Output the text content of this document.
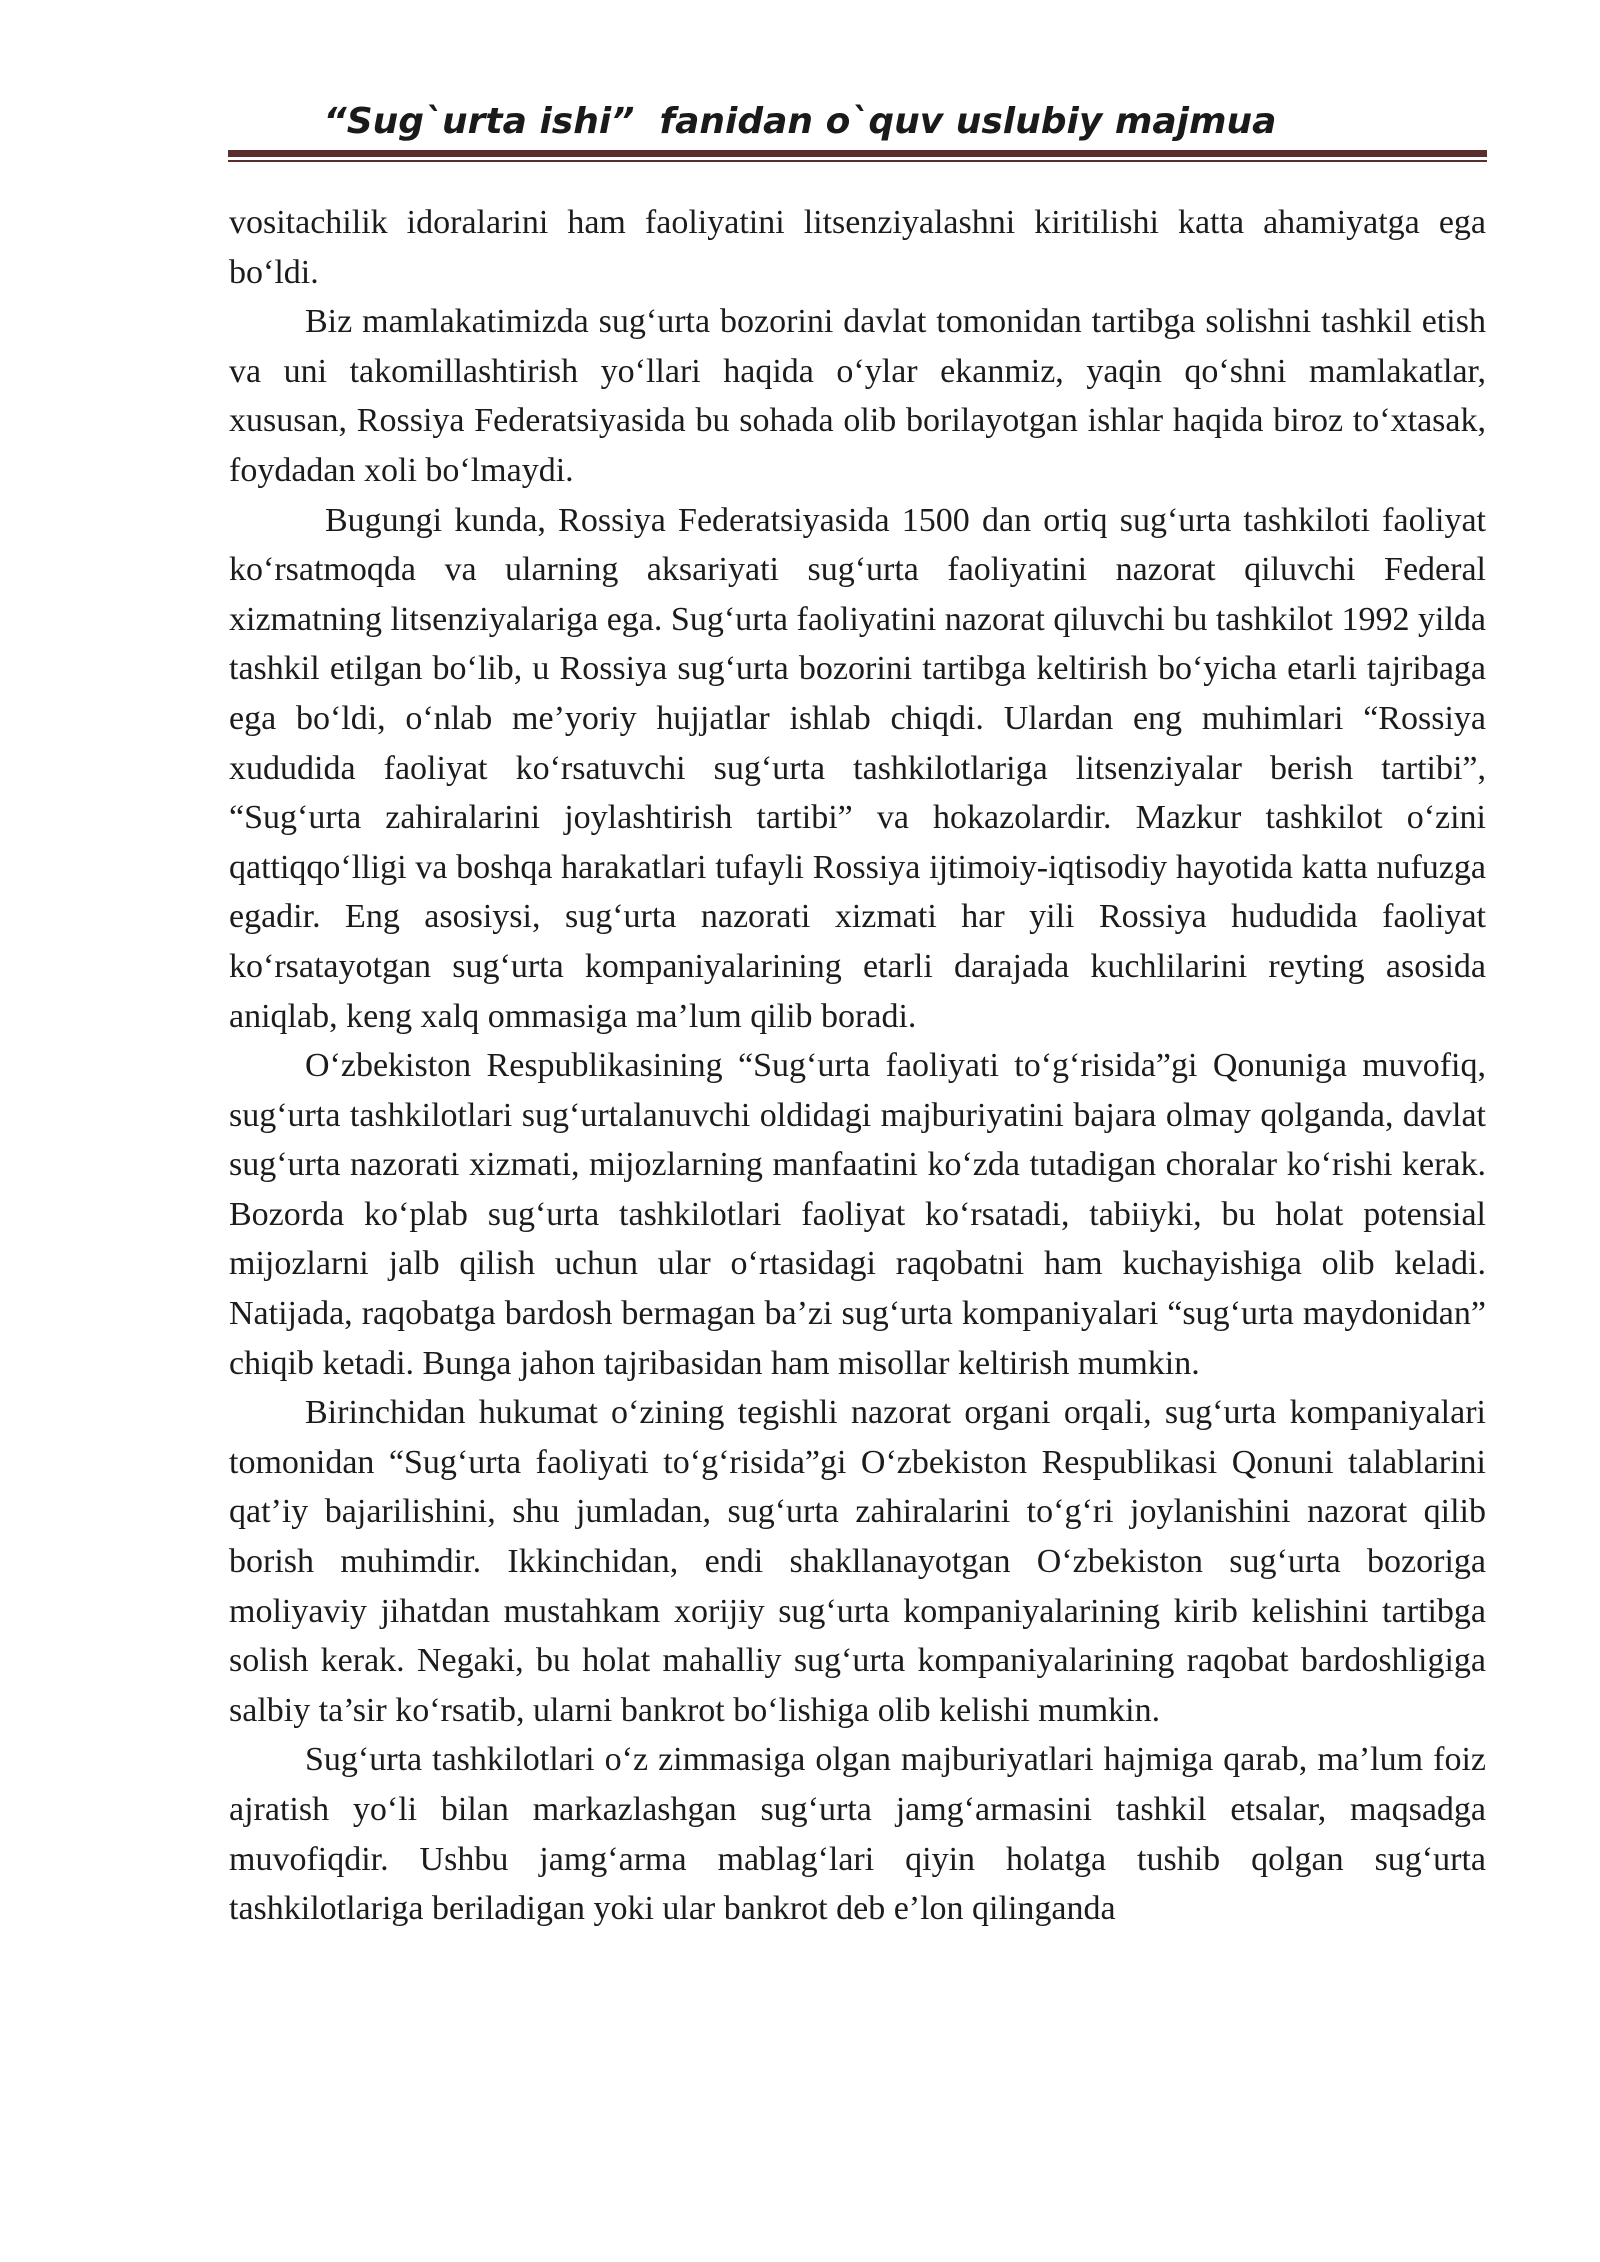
“Sug`urta ishi”  fanidan o`quv uslubiy majmua

vositachilik idoralarini ham faoliyatini litsenziyalashni kiritilishi katta ahamiyatga ega boʻldi.

Biz mamlakatimizda sugʻurta bozorini davlat tomonidan tartibga solishni tashkil etish va uni takomillashtirish yoʻllari haqida oʻylar ekanmiz, yaqin qoʻshni mamlakatlar, xususan, Rossiya Federatsiyasida bu sohada olib borilayotgan ishlar haqida biroz toʻxtasak, foydadan xoli boʻlmaydi.

Bugungi kunda, Rossiya Federatsiyasida 1500 dan ortiq sugʻurta tashkiloti faoliyat koʻrsatmoqda va ularning aksariyati sugʻurta faoliyatini nazorat qiluvchi Federal xizmatning litsenziyalariga ega. Sugʻurta faoliyatini nazorat qiluvchi bu tashkilot 1992 yilda tashkil etilgan boʻlib, u Rossiya sugʻurta bozorini tartibga keltirish boʻyicha etarli tajribaga ega boʻldi, oʻnlab me’yoriy hujjatlar ishlab chiqdi. Ulardan eng muhimlari “Rossiya xududida faoliyat koʻrsatuvchi sugʻurta tashkilotlariga litsenziyalar berish tartibi”, “Sugʻurta zahiralarini joylashtirish tartibi” va hokazolardir. Mazkur tashkilot oʻzini qattiqqoʻlligi va boshqa harakatlari tufayli Rossiya ijtimoiy-iqtisodiy hayotida katta nufuzga egadir. Eng asosiysi, sugʻurta nazorati xizmati har yili Rossiya hududida faoliyat koʻrsatayotgan sugʻurta kompaniyalarining etarli darajada kuchlilarini reyting asosida aniqlab, keng xalq ommasiga ma’lum qilib boradi.

Oʻzbekiston Respublikasining “Sugʻurta faoliyati toʻgʻrisida”gi Qonuniga muvofiq, sugʻurta tashkilotlari sugʻurtalanuvchi oldidagi majburiyatini bajara olmay qolganda, davlat sugʻurta nazorati xizmati, mijozlarning manfaatini koʻzda tutadigan choralar koʻrishi kerak. Bozorda koʻplab sugʻurta tashkilotlari faoliyat koʻrsatadi, tabiiyki, bu holat potensial mijozlarni jalb qilish uchun ular oʻrtasidagi raqobatni ham kuchayishiga olib keladi. Natijada, raqobatga bardosh bermagan ba’zi sugʻurta kompaniyalari “sugʻurta maydonidan” chiqib ketadi. Bunga jahon tajribasidan ham misollar keltirish mumkin.

Birinchidan hukumat oʻzining tegishli nazorat organi orqali, sugʻurta kompaniyalari tomonidan “Sugʻurta faoliyati toʻgʻrisida”gi Oʻzbekiston Respublikasi Qonuni talablarini qat’iy bajarilishini, shu jumladan, sugʻurta zahiralarini toʻgʻri joylanishini nazorat qilib borish muhimdir. Ikkinchidan, endi shakllanayotgan Oʻzbekiston sugʻurta bozoriga moliyaviy jihatdan mustahkam xorijiy sugʻurta kompaniyalarining kirib kelishini tartibga solish kerak. Negaki, bu holat mahalliy sugʻurta kompaniyalarining raqobat bardoshligiga salbiy ta’sir koʻrsatib, ularni bankrot boʻlishiga olib kelishi mumkin.

Sugʻurta tashkilotlari oʻz zimmasiga olgan majburiyatlari hajmiga qarab, ma’lum foiz ajratish yoʻli bilan markazlashgan sugʻurta jamgʻarmasini tashkil etsalar, maqsadga muvofiqdir. Ushbu jamgʻarma mablagʻlari qiyin holatga tushib qolgan sugʻurta tashkilotlariga beriladigan yoki ular bankrot deb e’lon qilinganda
